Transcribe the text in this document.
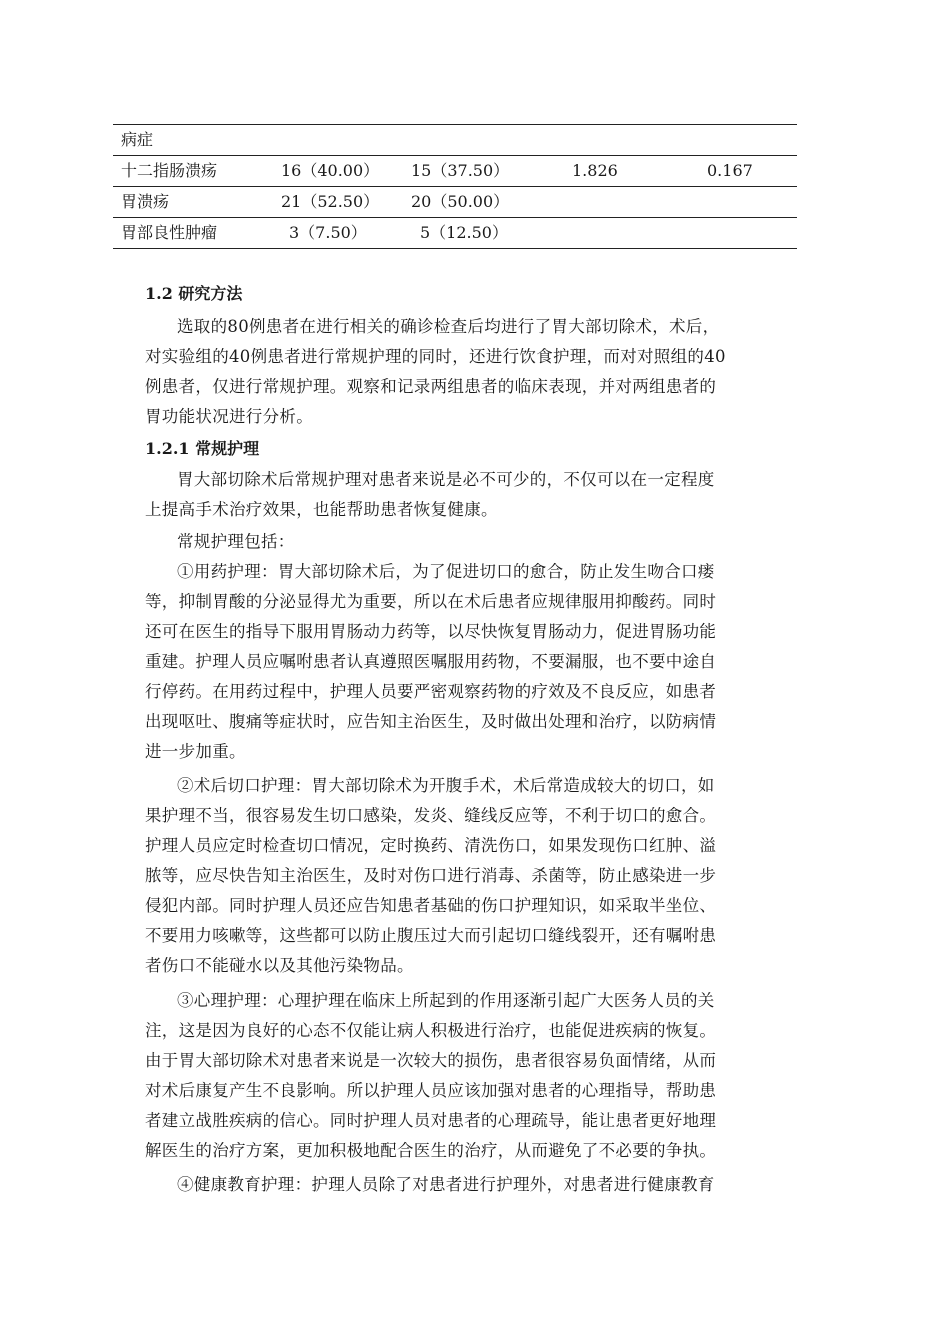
病症
十二指肠溃疡	16（40.00） 15（37.50）	1.826	0.167
胃溃疡	21（52.50） 20（50.00）
胃部良性肿瘤	3（7.50）	5（12.50）
1.2 研究方法
选取的80例患者在进行相关的确诊检查后均进行了胃大部切除术，术后，
对实验组的40例患者进行常规护理的同时，还进行饮食护理，而对对照组的40
例患者，仅进行常规护理。观察和记录两组患者的临床表现，并对两组患者的
胃功能状况进行分析。
1.2.1 常规护理
胃大部切除术后常规护理对患者来说是必不可少的，不仅可以在一定程度
上提高手术治疗效果，也能帮助患者恢复健康。
常规护理包括：
①用药护理：胃大部切除术后，为了促进切口的愈合，防止发生吻合口瘘
等，抑制胃酸的分泌显得尤为重要，所以在术后患者应规律服用抑酸药。同时
还可在医生的指导下服用胃肠动力药等，以尽快恢复胃肠动力，促进胃肠功能
重建。护理人员应嘱咐患者认真遵照医嘱服用药物，不要漏服，也不要中途自
行停药。在用药过程中，护理人员要严密观察药物的疗效及不良反应，如患者
出现呕吐、腹痛等症状时，应告知主治医生，及时做出处理和治疗，以防病情
进一步加重。
②术后切口护理：胃大部切除术为开腹手术，术后常造成较大的切口，如
果护理不当，很容易发生切口感染，发炎、缝线反应等，不利于切口的愈合。
护理人员应定时检查切口情况，定时换药、清洗伤口，如果发现伤口红肿、溢
脓等，应尽快告知主治医生，及时对伤口进行消毒、杀菌等，防止感染进一步
侵犯内部。同时护理人员还应告知患者基础的伤口护理知识，如采取半坐位、
不要用力咳嗽等，这些都可以防止腹压过大而引起切口缝线裂开，还有嘱咐患
者伤口不能碰水以及其他污染物品。
③心理护理：心理护理在临床上所起到的作用逐渐引起广大医务人员的关
注，这是因为良好的心态不仅能让病人积极进行治疗，也能促进疾病的恢复。
由于胃大部切除术对患者来说是一次较大的损伤，患者很容易负面情绪，从而
对术后康复产生不良影响。所以护理人员应该加强对患者的心理指导，帮助患
者建立战胜疾病的信心。同时护理人员对患者的心理疏导，能让患者更好地理
解医生的治疗方案，更加积极地配合医生的治疗，从而避免了不必要的争执。
④健康教育护理：护理人员除了对患者进行护理外，对患者进行健康教育
